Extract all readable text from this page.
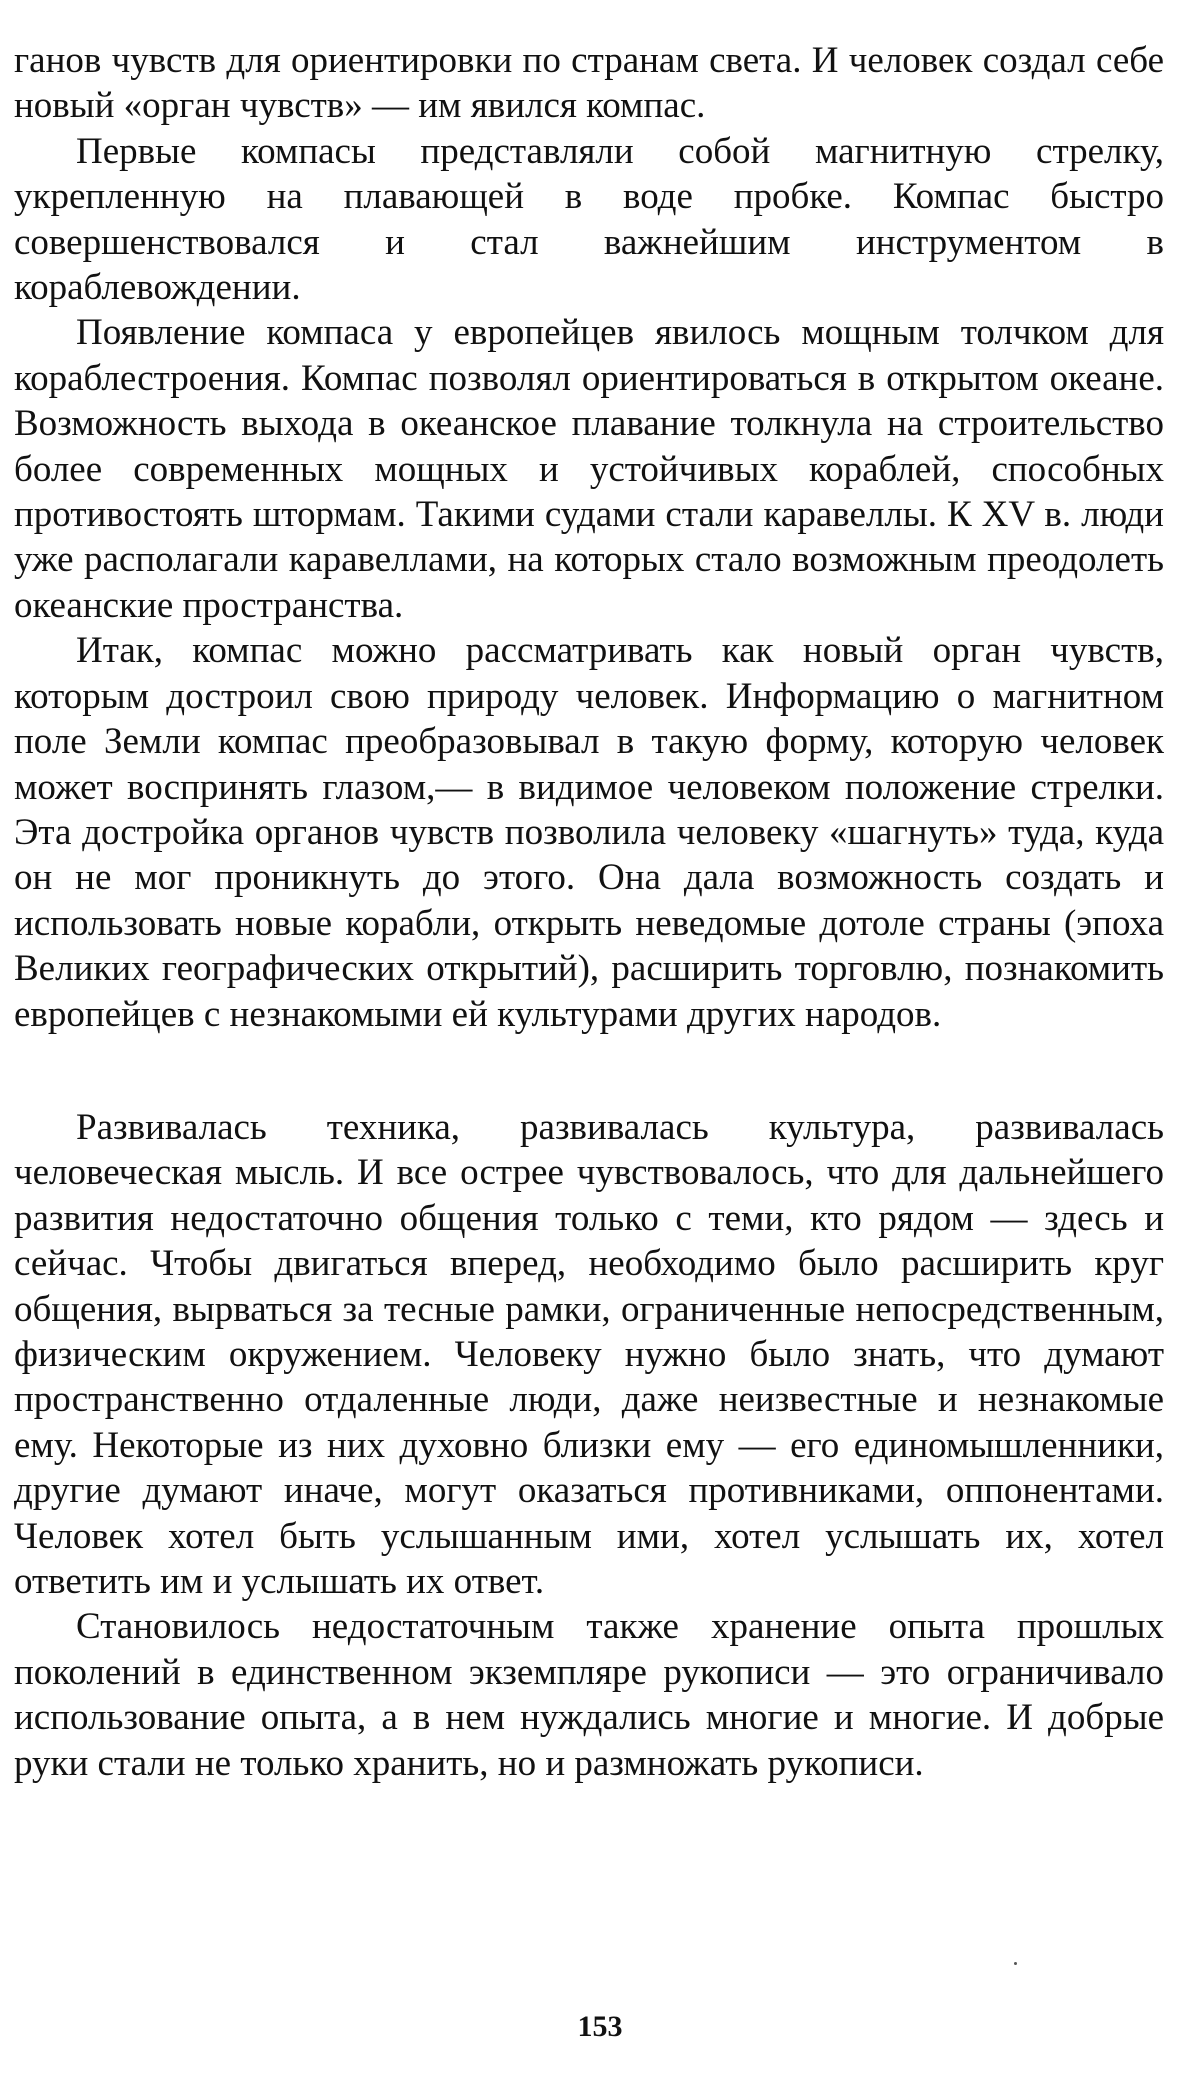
ганов чувств для ориентировки по странам света. И человек создал себе новый «орган чувств» — им явился компас.

Первые компасы представляли собой магнитную стрелку, укрепленную на плавающей в воде пробке. Компас быстро совершенствовался и стал важнейшим инструментом в кораблевождении.

Появление компаса у европейцев явилось мощным толчком для кораблестроения. Компас позволял ориентироваться в открытом океане. Возможность выхода в океанское плавание толкнула на строительство более современных мощных и устойчивых кораблей, способных противостоять штормам. Такими судами стали каравеллы. К XV в. люди уже располагали каравеллами, на которых стало возможным преодолеть океанские пространства.

Итак, компас можно рассматривать как новый орган чувств, которым достроил свою природу человек. Информацию о магнитном поле Земли компас преобразовывал в такую форму, которую человек может воспринять глазом,— в видимое человеком положение стрелки. Эта достройка органов чувств позволила человеку «шагнуть» туда, куда он не мог проникнуть до этого. Она дала возможность создать и использовать новые корабли, открыть неведомые дотоле страны (эпоха Великих географических открытий), расширить торговлю, познакомить европейцев с незнакомыми ей культурами других народов.

Развивалась техника, развивалась культура, развивалась человеческая мысль. И все острее чувствовалось, что для дальнейшего развития недостаточно общения только с теми, кто рядом — здесь и сейчас. Чтобы двигаться вперед, необходимо было расширить круг общения, вырваться за тесные рамки, ограниченные непосредственным, физическим окружением. Человеку нужно было знать, что думают пространственно отдаленные люди, даже неизвестные и незнакомые ему. Некоторые из них духовно близки ему — его единомышленники, другие думают иначе, могут оказаться противниками, оппонентами. Человек хотел быть услышанным ими, хотел услышать их, хотел ответить им и услышать их ответ.

Становилось недостаточным также хранение опыта прошлых поколений в единственном экземпляре рукописи — это ограничивало использование опыта, а в нем нуждались многие и многие. И добрые руки стали не только хранить, но и размножать рукописи.

153
